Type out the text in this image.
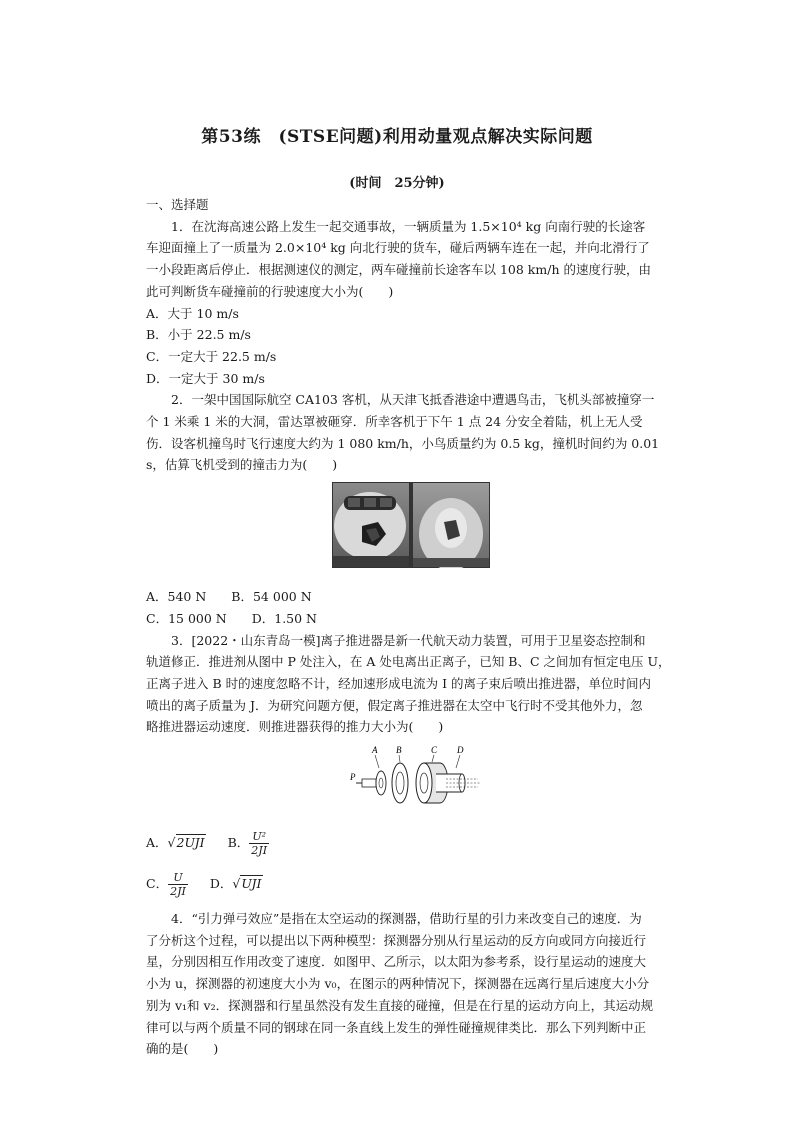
第53练　(STSE问题)利用动量观点解决实际问题
(时间　25分钟)

一、选择题

1．在沈海高速公路上发生一起交通事故，一辆质量为 1.5×10⁴ kg 向南行驶的长途客

车迎面撞上了一质量为 2.0×10⁴ kg 向北行驶的货车，碰后两辆车连在一起，并向北滑行了

一小段距离后停止．根据测速仪的测定，两车碰撞前长途客车以 108 km/h 的速度行驶，由

此可判断货车碰撞前的行驶速度大小为(　　)

A．大于 10 m/s

B．小于 22.5 m/s

C．一定大于 22.5 m/s

D．一定大于 30 m/s

2．一架中国国际航空 CA103 客机，从天津飞抵香港途中遭遇鸟击，飞机头部被撞穿一

个 1 米乘 1 米的大洞，雷达罩被砸穿．所幸客机于下午 1 点 24 分安全着陆，机上无人受

伤．设客机撞鸟时飞行速度大约为 1 080 km/h，小鸟质量约为 0.5 kg，撞机时间约为 0.01

s，估算飞机受到的撞击力为(　　)

A．540 N　　B．54 000 N

C．15 000 N　　D．1.50 N

3．[2022・山东青岛一模]离子推进器是新一代航天动力装置，可用于卫星姿态控制和

轨道修正．推进剂从图中 P 处注入，在 A 处电离出正离子，已知 B、C 之间加有恒定电压 U，

正离子进入 B 时的速度忽略不计，经加速形成电流为 I 的离子束后喷出推进器，单位时间内

喷出的离子质量为 J．为研究问题方便，假定离子推进器在太空中飞行时不受其他外力，忽

略推进器运动速度．则推进器获得的推力大小为(　　)

A B	C D
P
A． √2UJI B． $\frac{\text{U²}}{2JI}$
C． $\frac{U}{2JI}$ D． √UJI

4．“引力弹弓效应”是指在太空运动的探测器，借助行星的引力来改变自己的速度．为

了分析这个过程，可以提出以下两种模型：探测器分别从行星运动的反方向或同方向接近行

星，分别因相互作用改变了速度．如图甲、乙所示，以太阳为参考系，设行星运动的速度大

小为 u，探测器的初速度大小为 v₀，在图示的两种情况下，探测器在远离行星后速度大小分

别为 v₁和 v₂．探测器和行星虽然没有发生直接的碰撞，但是在行星的运动方向上，其运动规

律可以与两个质量不同的钢球在同一条直线上发生的弹性碰撞规律类比．那么下列判断中正

确的是(　　)
